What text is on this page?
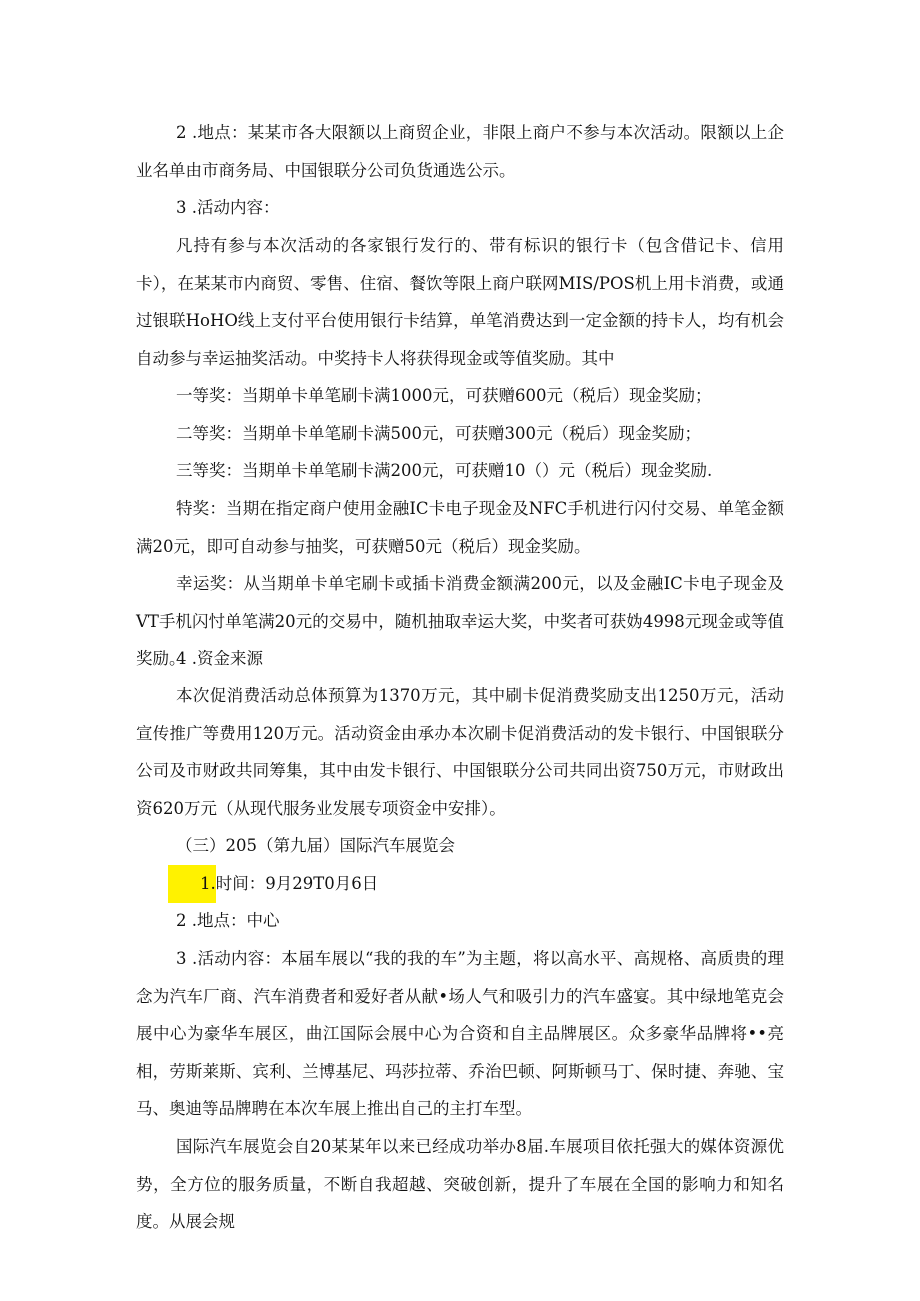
2 .地点：某某市各大限额以上商贸企业，非限上商户不参与本次活动。限额以上企业名单由市商务局、中国银联分公司负货通选公示。

3 .活动内容：

凡持有参与本次活动的各家银行发行的、带有标识的银行卡（包含借记卡、信用卡），在某某市内商贸、零售、住宿、餐饮等限上商户联网MIS/POS机上用卡消费，或通过银联HoHO线上支付平台使用银行卡结算，单笔消费达到一定金额的持卡人，均有机会自动参与幸运抽奖活动。中奖持卡人将获得现金或等值奖励。其中

一等奖：当期单卡单笔刷卡满1000元，可获赠600元（税后）现金奖励；

二等奖：当期单卡单笔刷卡满500元，可获赠300元（税后）现金奖励；

三等奖：当期单卡单笔刷卡满200元，可获赠10（）元（税后）现金奖励.

特奖：当期在指定商户使用金融IC卡电子现金及NFC手机进行闪付交易、单笔金额满20元，即可自动参与抽奖，可获赠50元（税后）现金奖励。

幸运奖：从当期单卡单宅刷卡或插卡消费金额满200元，以及金融IC卡电子现金及VT手机闪忖单笔满20元的交易中，随机抽取幸运大奖，中奖者可获妫4998元现金或等值奖励。

4 .资金来源

本次促消费活动总体预算为1370万元，其中刷卡促消费奖励支出1250万元，活动宣传推广等费用120万元。活动资金由承办本次刷卡促消费活动的发卡银行、中国银联分公司及市财政共同筹集，其中由发卡银行、中国银联分公司共同出资750万元，市财政出资620万元（从现代服务业发展专项资金中安排）。

（三）205（第九届）国际汽车展览会

1.时间：9月29T0月6日

2 .地点：中心

3 .活动内容：本届车展以“我的我的车”为主题，将以高水平、高规格、高质贵的理念为汽车厂商、汽车消费者和爱好者从献•场人气和吸引力的汽车盛宴。其中绿地笔克会展中心为豪华车展区，曲江国际会展中心为合资和自主品牌展区。众多豪华品牌将••亮相，劳斯莱斯、宾利、兰博基尼、玛莎拉蒂、乔治巴顿、阿斯顿马丁、保时捷、奔驰、宝马、奥迪等品牌聘在本次车展上推出自己的主打车型。

国际汽车展览会自20某某年以来已经成功举办8届.车展项目依托强大的媒体资源优势，全方位的服务质量，不断自我超越、突破创新，提升了车展在全国的影响力和知名度。从展会规
